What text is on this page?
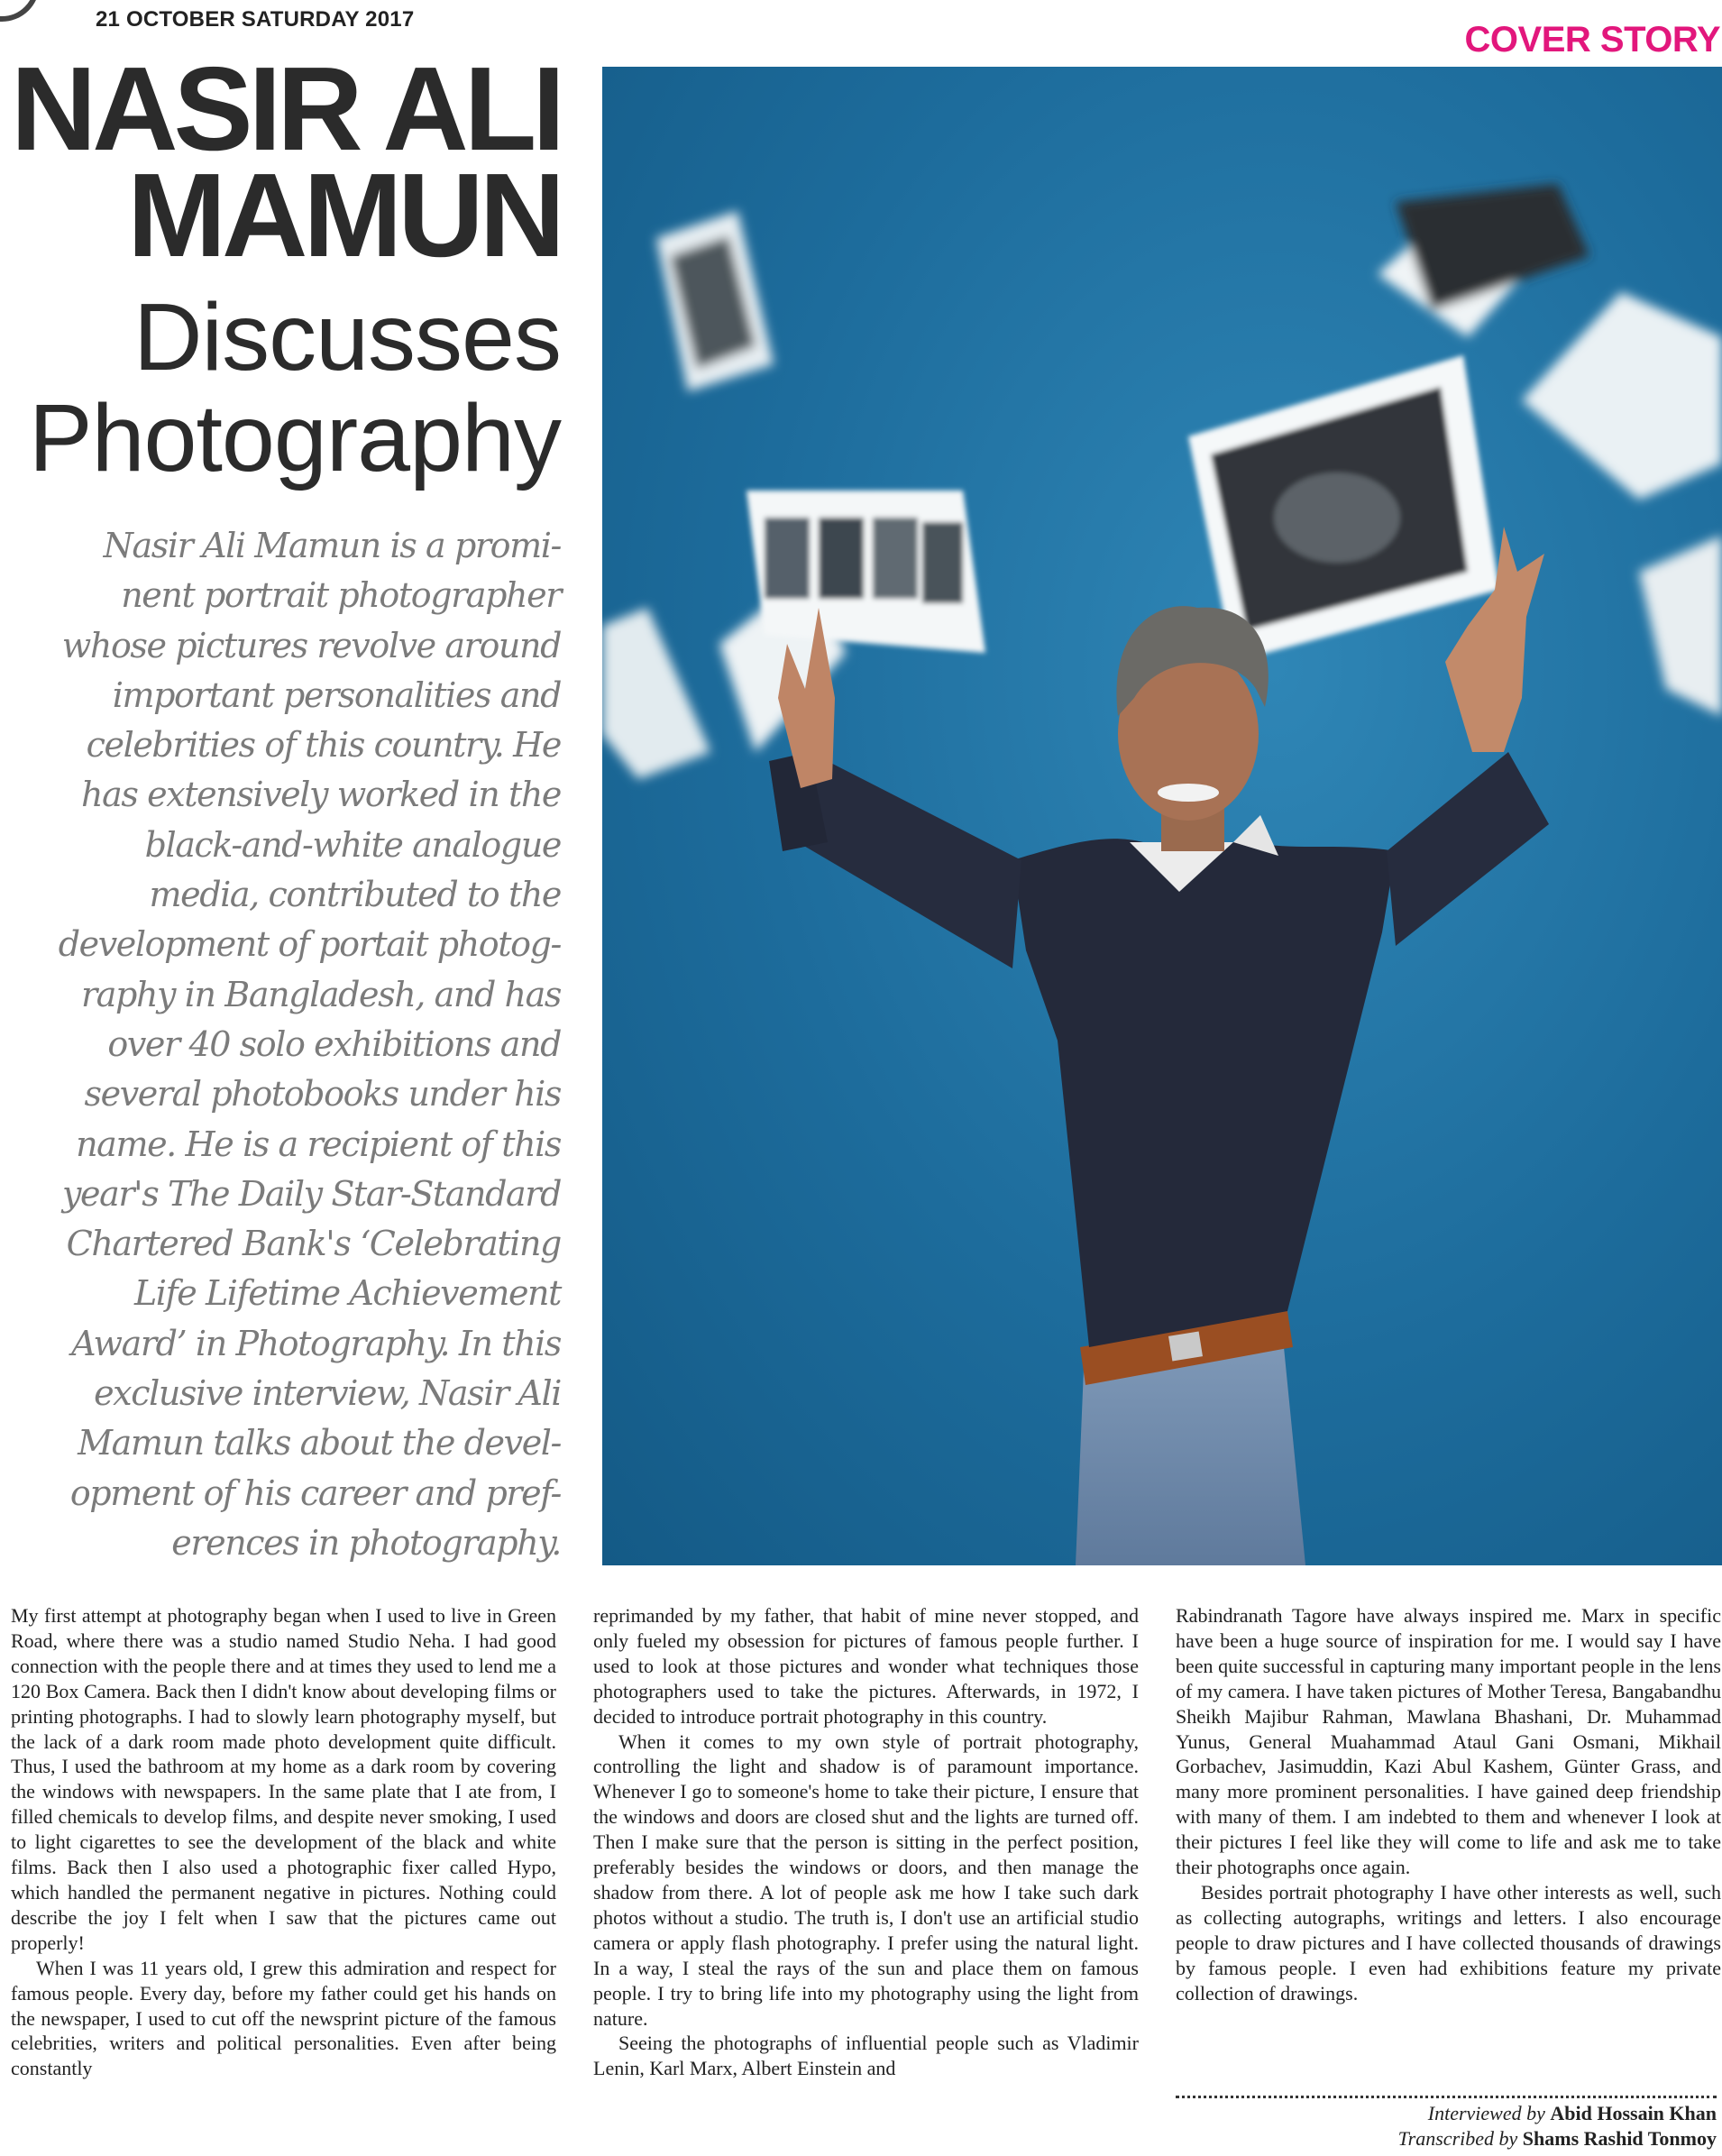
21 OCTOBER SATURDAY 2017
COVER STORY
NASIR ALI
MAMUN
Discusses
Photography
Nasir Ali Mamun is a promi-
nent portrait photographer
whose pictures revolve around
important personalities and
celebrities of this country. He
has extensively worked in the
black-and-white analogue
media, contributed to the
development of portait photog-
raphy in Bangladesh, and has
over 40 solo exhibitions and
several photobooks under his
name. He is a recipient of this
year's The Daily Star-Standard
Chartered Bank's ‘Celebrating
Life Lifetime Achievement
Award’ in Photography. In this
exclusive interview, Nasir Ali
Mamun talks about the devel-
opment of his career and pref-
erences in photography.

My first attempt at photography began when I used to live in Green Road, where there was a studio named Studio Neha. I had good connection with the people there and at times they used to lend me a 120 Box Camera. Back then I didn't know about developing films or printing photographs. I had to slowly learn photography myself, but the lack of a dark room made photo development quite difficult. Thus, I used the bathroom at my home as a dark room by covering the windows with newspapers. In the same plate that I ate from, I filled chemicals to develop films, and despite never smoking, I used to light cigarettes to see the development of the black and white films. Back then I also used a photographic fixer called Hypo, which handled the permanent negative in pictures. Nothing could describe the joy I felt when I saw that the pictures came out properly!

When I was 11 years old, I grew this admiration and respect for famous people. Every day, before my father could get his hands on the newspaper, I used to cut off the newsprint picture of the famous celebrities, writers and political personalities. Even after being constantly

reprimanded by my father, that habit of mine never stopped, and only fueled my obsession for pictures of famous people further. I used to look at those pictures and wonder what techniques those photographers used to take the pictures. Afterwards, in 1972, I decided to introduce portrait photography in this country.

When it comes to my own style of portrait photography, controlling the light and shadow is of paramount importance. Whenever I go to someone's home to take their picture, I ensure that the windows and doors are closed shut and the lights are turned off. Then I make sure that the person is sitting in the perfect position, preferably besides the windows or doors, and then manage the shadow from there. A lot of people ask me how I take such dark photos without a studio. The truth is, I don't use an artificial studio camera or apply flash photography. I prefer using the natural light. In a way, I steal the rays of the sun and place them on famous people. I try to bring life into my photography using the light from nature.

Seeing the photographs of influential people such as Vladimir Lenin, Karl Marx, Albert Einstein and

Rabindranath Tagore have always inspired me. Marx in specific have been a huge source of inspiration for me. I would say I have been quite successful in capturing many important people in the lens of my camera. I have taken pictures of Mother Teresa, Bangabandhu Sheikh Majibur Rahman, Mawlana Bhashani, Dr. Muhammad Yunus, General Muahammad Ataul Gani Osmani, Mikhail Gorbachev, Jasimuddin, Kazi Abul Kashem, Günter Grass, and many more prominent personalities. I have gained deep friendship with many of them. I am indebted to them and whenever I look at their pictures I feel like they will come to life and ask me to take their photographs once again.

Besides portrait photography I have other interests as well, such as collecting autographs, writings and letters. I also encourage people to draw pictures and I have collected thousands of drawings by famous people. I even had exhibitions feature my private collection of drawings.

Interviewed by Abid Hossain Khan
Transcribed by Shams Rashid Tonmoy
